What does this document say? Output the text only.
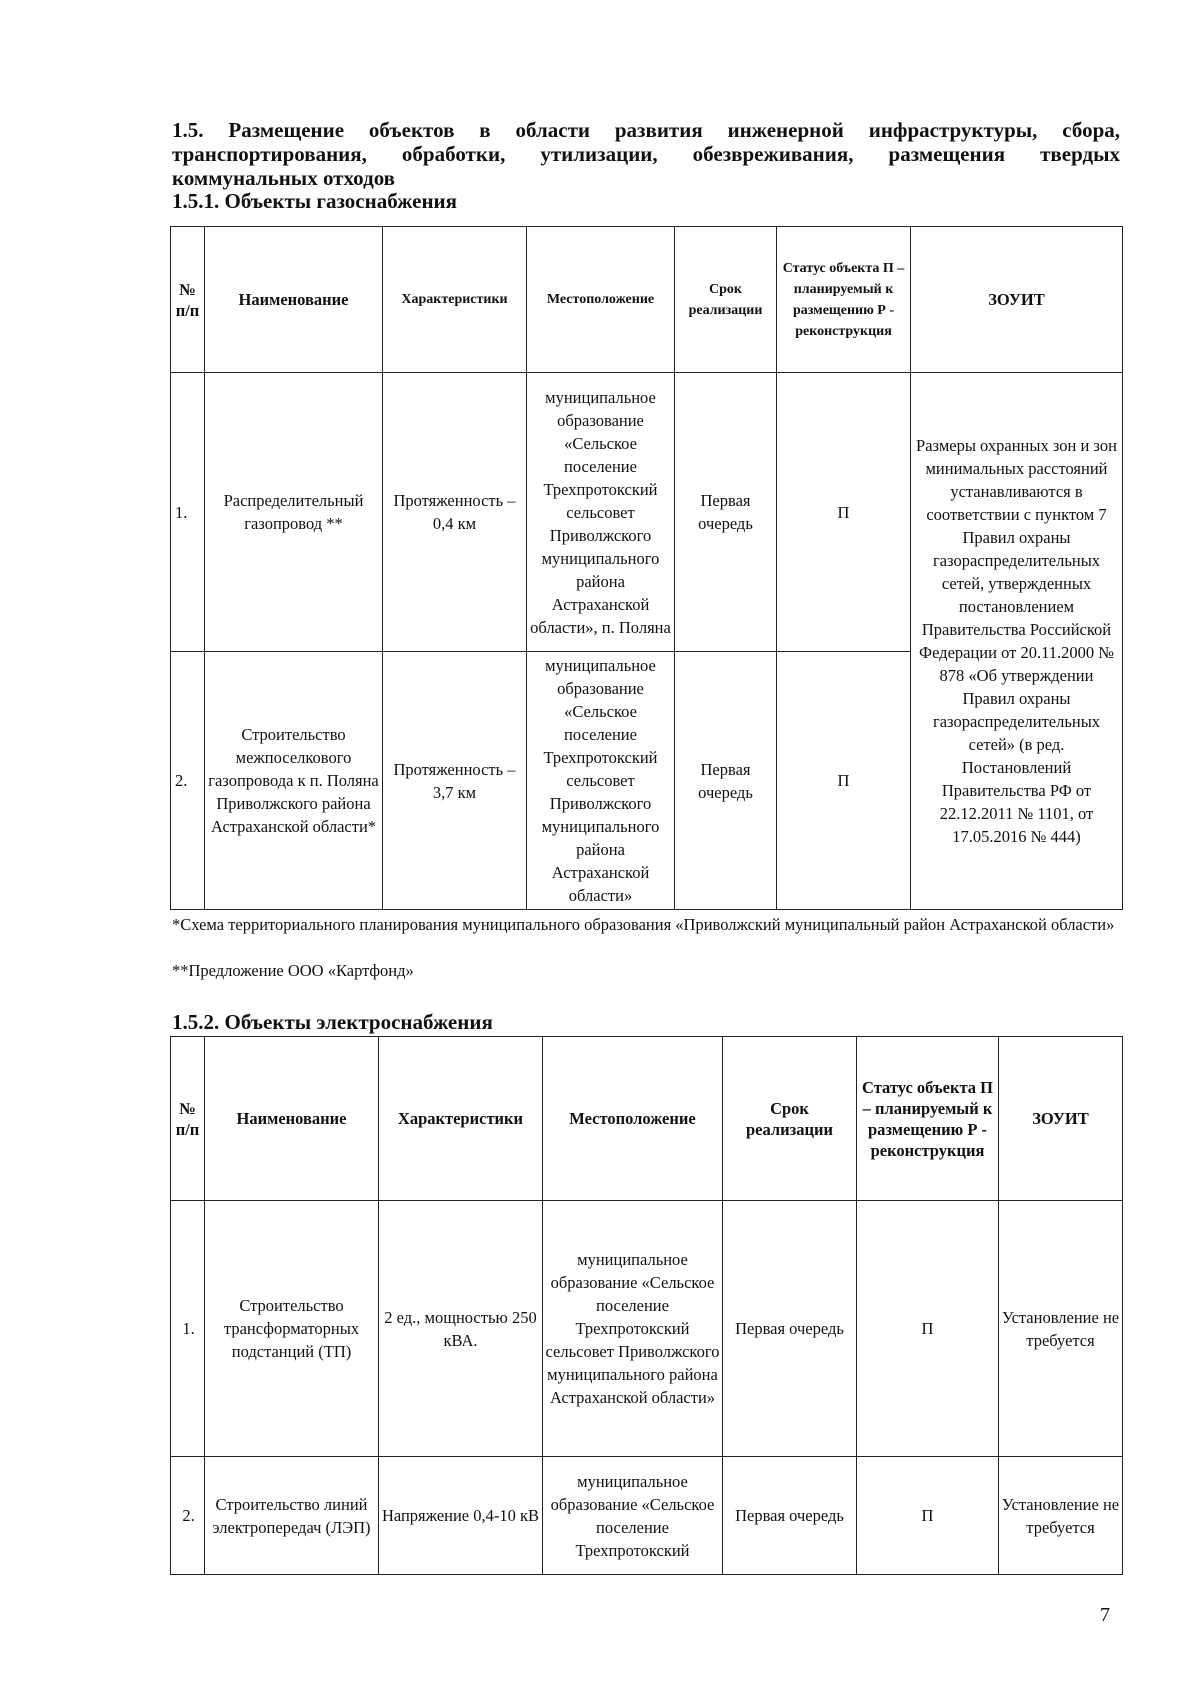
1.5. Размещение объектов в области развития инженерной инфраструктуры, сбора, транспортирования, обработки, утилизации, обезвреживания, размещения твердых коммунальных отходов

1.5.1. Объекты газоснабжения

№ п/п	Наименование	Характеристики	Местоположение	Срок реализации	Статус объекта П – планируемый к размещению Р - реконструкция	ЗОУИТ
1.	Распределительный газопровод **	Протяженность – 0,4 км	муниципальное образование «Сельское поселение Трехпротокский сельсовет Приволжского муниципального района Астраханской области», п. Поляна	Первая очередь	П	Размеры охранных зон и зон минимальных расстояний устанавливаются в соответствии с пунктом 7 Правил охраны газораспределительных сетей, утвержденных постановлением Правительства Российской Федерации от 20.11.2000 № 878 «Об утверждении Правил охраны газораспределительных сетей» (в ред. Постановлений Правительства РФ от 22.12.2011 № 1101, от 17.05.2016 № 444)
2.	Строительство межпоселкового газопровода к п. Поляна Приволжского района Астраханской области*	Протяженность – 3,7 км	муниципальное образование «Сельское поселение Трехпротокский сельсовет Приволжского муниципального района Астраханской области»	Первая очередь	П	

*Схема территориального планирования муниципального образования «Приволжский муниципальный район Астраханской области»

**Предложение ООО «Картфонд»

1.5.2. Объекты электроснабжения

№ п/п	Наименование	Характеристики	Местоположение	Срок реализации	Статус объекта П – планируемый к размещению Р - реконструкция	ЗОУИТ
1.	Строительство трансформаторных подстанций (ТП)	2 ед., мощностью 250 кВА.	муниципальное образование «Сельское поселение Трехпротокский сельсовет Приволжского муниципального района Астраханской области»	Первая очередь	П	Установление не требуется
2.	Строительство линий электропередач (ЛЭП)	Напряжение 0,4-10 кВ	муниципальное образование «Сельское поселение Трехпротокский	Первая очередь	П	Установление не требуется
7
